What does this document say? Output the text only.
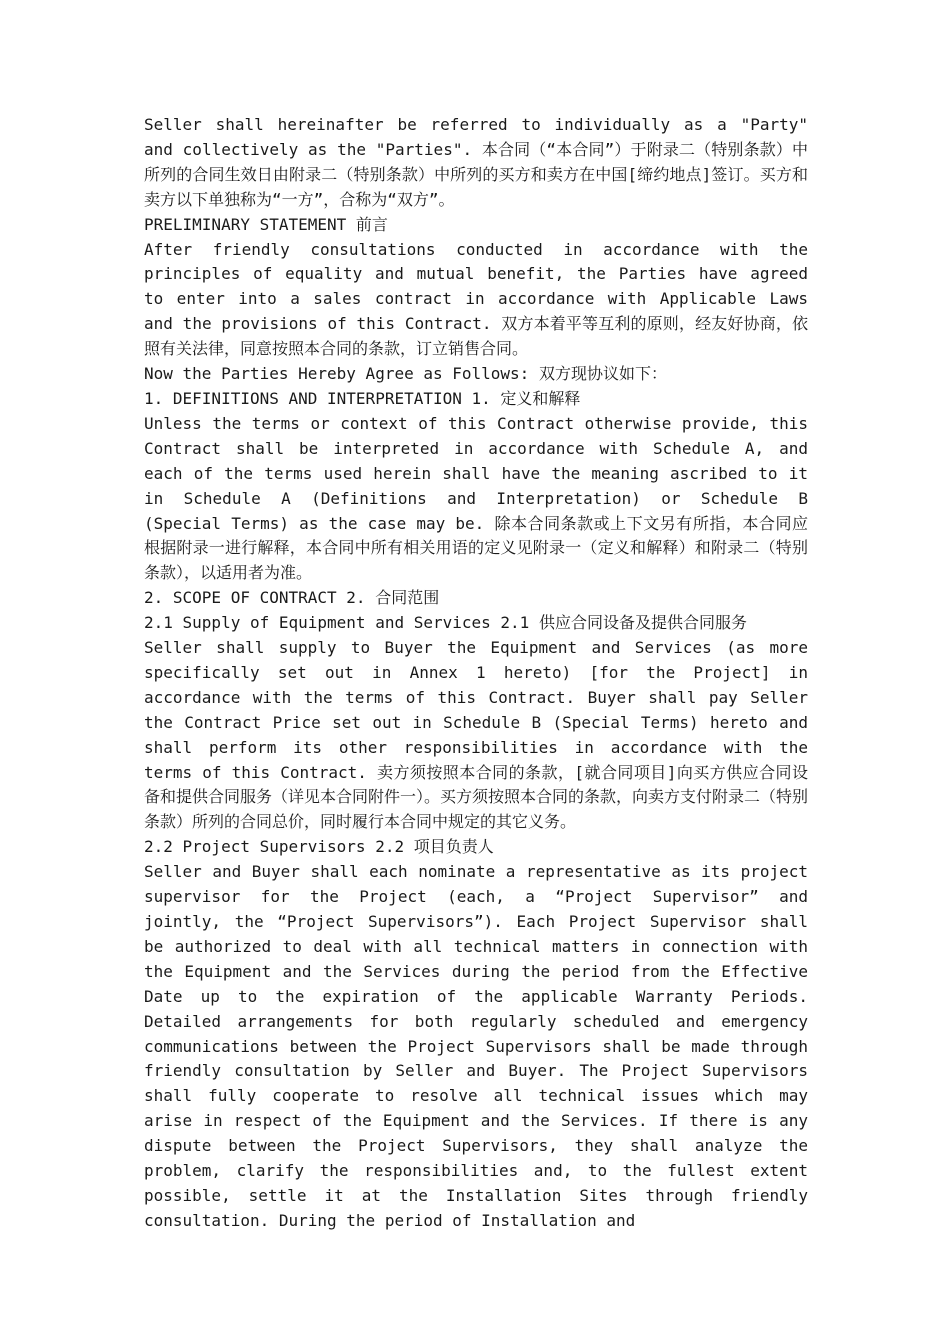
Seller shall hereinafter be referred to individually as a "Party" and collectively as the "Parties". 本合同（“本合同”）于附录二（特别条款）中所列的合同生效日由附录二（特别条款）中所列的买方和卖方在中国[缔约地点]签订。买方和卖方以下单独称为“一方”，合称为“双方”。

PRELIMINARY STATEMENT 前言

After friendly consultations conducted in accordance with the principles of equality and mutual benefit, the Parties have agreed to enter into a sales contract in accordance with Applicable Laws and the provisions of this Contract. 双方本着平等互利的原则，经友好协商，依照有关法律，同意按照本合同的条款，订立销售合同。

Now the Parties Hereby Agree as Follows: 双方现协议如下：

1. DEFINITIONS AND INTERPRETATION 1. 定义和解释

Unless the terms or context of this Contract otherwise provide, this Contract shall be interpreted in accordance with Schedule A, and each of the terms used herein shall have the meaning ascribed to it in Schedule A (Definitions and Interpretation) or Schedule B (Special Terms) as the case may be. 除本合同条款或上下文另有所指，本合同应根据附录一进行解释，本合同中所有相关用语的定义见附录一（定义和解释）和附录二（特别条款），以适用者为准。

2. SCOPE OF CONTRACT 2. 合同范围

2.1 Supply of Equipment and Services 2.1 供应合同设备及提供合同服务

Seller shall supply to Buyer the Equipment and Services (as more specifically set out in Annex 1 hereto) [for the Project] in accordance with the terms of this Contract. Buyer shall pay Seller the Contract Price set out in Schedule B (Special Terms) hereto and shall perform its other responsibilities in accordance with the terms of this Contract. 卖方须按照本合同的条款，[就合同项目]向买方供应合同设备和提供合同服务（详见本合同附件一）。买方须按照本合同的条款，向卖方支付附录二（特别条款）所列的合同总价，同时履行本合同中规定的其它义务。

2.2 Project Supervisors 2.2 项目负责人

Seller and Buyer shall each nominate a representative as its project supervisor for the Project (each, a “Project Supervisor” and jointly, the “Project Supervisors”). Each Project Supervisor shall be authorized to deal with all technical matters in connection with the Equipment and the Services during the period from the Effective Date up to the expiration of the applicable Warranty Periods. Detailed arrangements for both regularly scheduled and emergency communications between the Project Supervisors shall be made through friendly consultation by Seller and Buyer. The Project Supervisors shall fully cooperate to resolve all technical issues which may arise in respect of the Equipment and the Services. If there is any dispute between the Project Supervisors, they shall analyze the problem, clarify the responsibilities and, to the fullest extent possible, settle it at the Installation Sites through friendly consultation. During the period of Installation and
